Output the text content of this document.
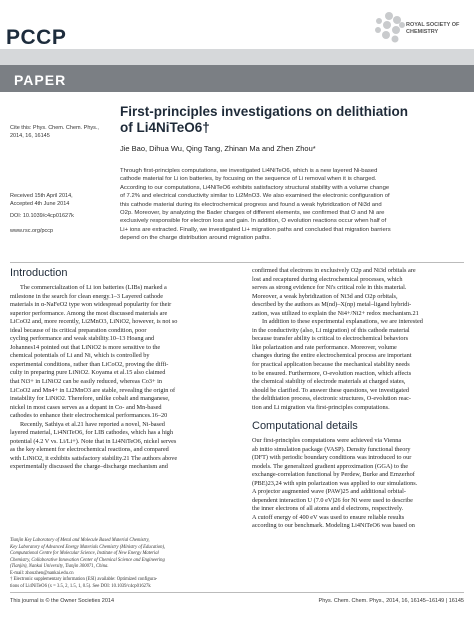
PCCP
PAPER
ROYAL SOCIETY OF CHEMISTRY
Cite this: Phys. Chem. Chem. Phys.,
2014, 16, 16145
Received 15th April 2014,
Accepted 4th June 2014
DOI: 10.1039/c4cp01627k
www.rsc.org/pccp
First-principles investigations on delithiation
of Li4NiTeO6†
Jie Bao, Dihua Wu, Qing Tang, Zhinan Ma and Zhen Zhou*
Through first-principles computations, we investigated Li4NiTeO6, which is a new layered Ni-based
cathode material for Li ion batteries, by focusing on the sequence of Li removal when it is charged.
According to our computations, Li4NiTeO6 exhibits satisfactory structural stability with a volume change
of 7.2% and electrical conductivity similar to Li2MnO3. We also examined the electronic configuration of
this cathode material during its electrochemical progress and found a weak hybridization of Ni3d and
O2p. Moreover, by analyzing the Bader charges of different elements, we confirmed that O and Ni are
exclusively responsible for electron loss and gain. In addition, O evolution reactions occur when half of
Li+ ions are extracted. Finally, we investigated Li+ migration paths and concluded that migration barriers
depend on the charge distribution around migration paths.
Introduction
The commercialization of Li ion batteries (LIBs) marked a
milestone in the search for clean energy.1–3 Layered cathode
materials in α-NaFeO2 type won widespread popularity for their
superior performance. Among the most discussed materials are
LiCoO2 and, more recently, Li2MnO3, LiNiO2, however, is not so
ideal because of its critical preparation condition, poor
cycling performance and weak stability.10–13 Hoang and
Johannes14 pointed out that LiNiO2 is more sensitive to the
chemical potentials of Li and Ni, which is controlled by
experimental conditions, rather than LiCoO2, proving the diffi-
culty in preparing pure LiNiO2. Koyama et al.15 also claimed
that Ni3+ in LiNiO2 can be easily reduced, whereas Co3+ in
LiCoO2 and Mn4+ in Li2MnO3 are stable, revealing the origin of
instability for LiNiO2. Therefore, unlike cobalt and manganese,
nickel in most cases serves as a dopant in Co- and Mn-based
cathodes to enhance their electrochemical performances.16–20
Recently, Sathiya et al.21 have reported a novel, Ni-based
layered material, Li4NiTeO6, for LIB cathodes, which has a high
potential (4.2 V vs. Li/Li+). Note that in Li4NiTeO6, nickel serves
as the key element for electrochemical reactions, and compared
with LiNiO2, it exhibits satisfactory stability.21 The authors above
experimentally discussed the charge–discharge mechanism and
Tianjin Key Laboratory of Metal and Molecule Based Material Chemistry,
Key Laboratory of Advanced Energy Materials Chemistry (Ministry of Education),
Computational Centre for Molecular Science, Institute of New Energy Material
Chemistry, Collaborative Innovation Center of Chemical Science and Engineering
(Tianjin), Nankai University, Tianjin 300071, China.
E-mail: zhouzhen@nankai.edu.cn
† Electronic supplementary information (ESI) available: Optimized configura-
tions of Li4NiTeO6 (x = 3.5, 2, 1.5, 1, 0.5). See DOI: 10.1039/c4cp01627k
confirmed that electrons in exclusively O2p and Ni3d orbitals are
lost and recaptured during electrochemical processes, which
serves as strong evidence for Ni's critical role in this material.
Moreover, a weak hybridization of Ni3d and O2p orbitals,
described by the authors as M(nd)–X(np) metal–ligand hybridi-
zation, was utilized to explain the Ni4+/Ni2+ redox mechanism.21
In addition to these experimental explanations, we are interested
in the conductivity (also, Li migration) of this cathode material
because transfer ability is critical to electrochemical behaviors
like polarization and rate performance. Moreover, volume
changes during the entire electrochemical process are important
for practical application because the mechanical stability needs
to be ensured. Furthermore, O-evolution reaction, which affects
the chemical stability of electrode materials at charged states,
should be clarified. To answer these questions, we investigated
the delithiation process, electronic structures, O-evolution reac-
tion and Li migration via first-principles computations.
Computational details
Our first-principles computations were achieved via Vienna
ab initio simulation package (VASP). Density functional theory
(DFT) with periodic boundary conditions was introduced to our
models. The generalized gradient approximation (GGA) to the
exchange-correlation functional by Perdew, Burke and Ernzerhof
(PBE)23,24 with spin polarization was applied to our simulations.
A projector augmented wave (PAW)25 and additional orbital-
dependent interaction U (7.0 eV)26 for Ni were used to describe
the inner electrons of all atoms and d electrons, respectively.
A cutoff energy of 400 eV was used to ensure reliable results
according to our benchmark. Modeling Li4NiTeO6 was based on
This journal is © the Owner Societies 2014	Phys. Chem. Chem. Phys., 2014, 16, 16145–16149 | 16145
